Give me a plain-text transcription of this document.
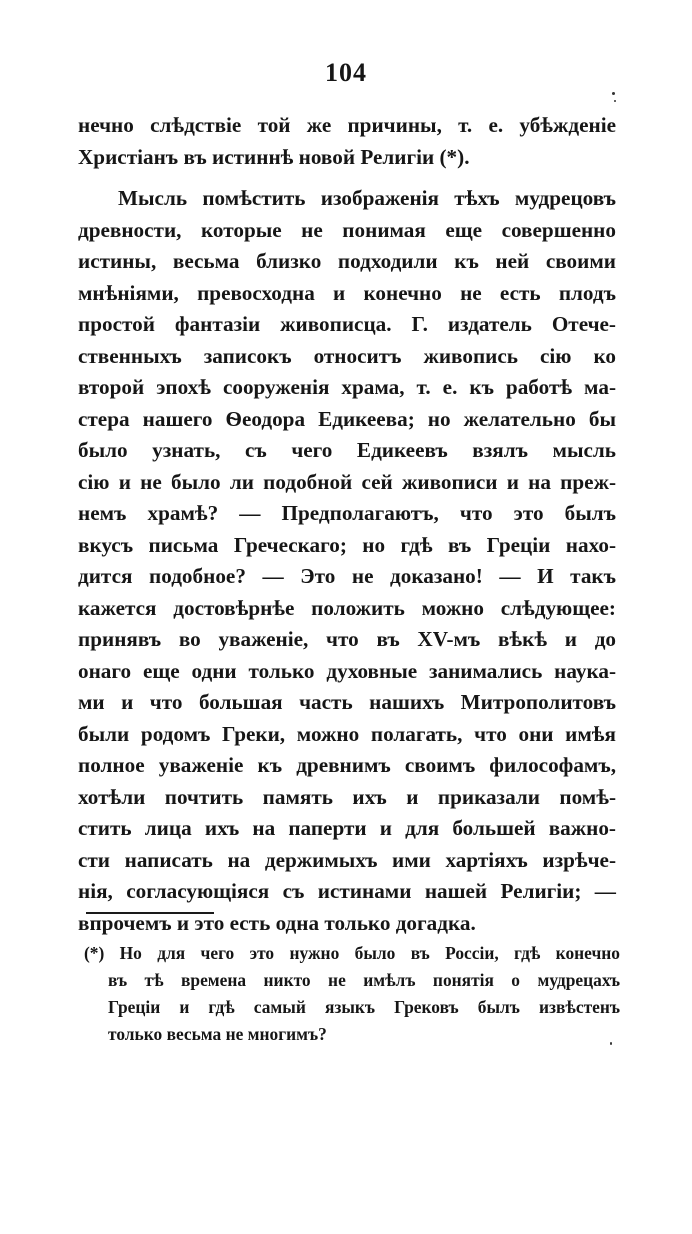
104
нечно слѣдствіе той же причины, т. е. убѣжденіе
Христіанъ въ истиннѣ новой Религіи (*).
Мысль помѣстить изображенія тѣхъ мудрецовъ
древности, которые не понимая еще совершенно
истины, весьма близко подходили къ ней своими
мнѣніями, превосходна и конечно не есть плодъ
простой фантазіи живописца. Г. издатель Отече-
ственныхъ записокъ относитъ живопись сію ко
второй эпохѣ сооруженія храма, т. е. къ работѣ ма-
стера нашего Ѳеодора Едикеева; но желательно бы
было узнать, съ чего Едикеевъ взялъ мысль
сію и не было ли подобной сей живописи и на преж-
немъ храмѣ? — Предполагаютъ, что это былъ
вкусъ письма Греческаго; но гдѣ въ Греціи нахо-
дится подобное? — Это не доказано! — И такъ
кажется достовѣрнѣе положить можно слѣдующее:
принявъ во уваженіе, что въ XV-мъ вѣкѣ и до
онаго еще одни только духовные занимались наука-
ми и что большая часть нашихъ Митрополитовъ
были родомъ Греки, можно полагать, что они имѣя
полное уваженіе къ древнимъ своимъ философамъ,
хотѣли почтить память ихъ и приказали помѣ-
стить лица ихъ на паперти и для большей важно-
сти написать на держимыхъ ими хартіяхъ изрѣче-
нія, согласующіяся съ истинами нашей Религіи; —
впрочемъ и это есть одна только догадка.
(*) Но для чего это нужно было въ Россіи, гдѣ конечно
въ тѣ времена никто не имѣлъ понятія о мудрецахъ
Греціи и гдѣ самый языкъ Грековъ былъ извѣстенъ
только весьма не многимъ?
